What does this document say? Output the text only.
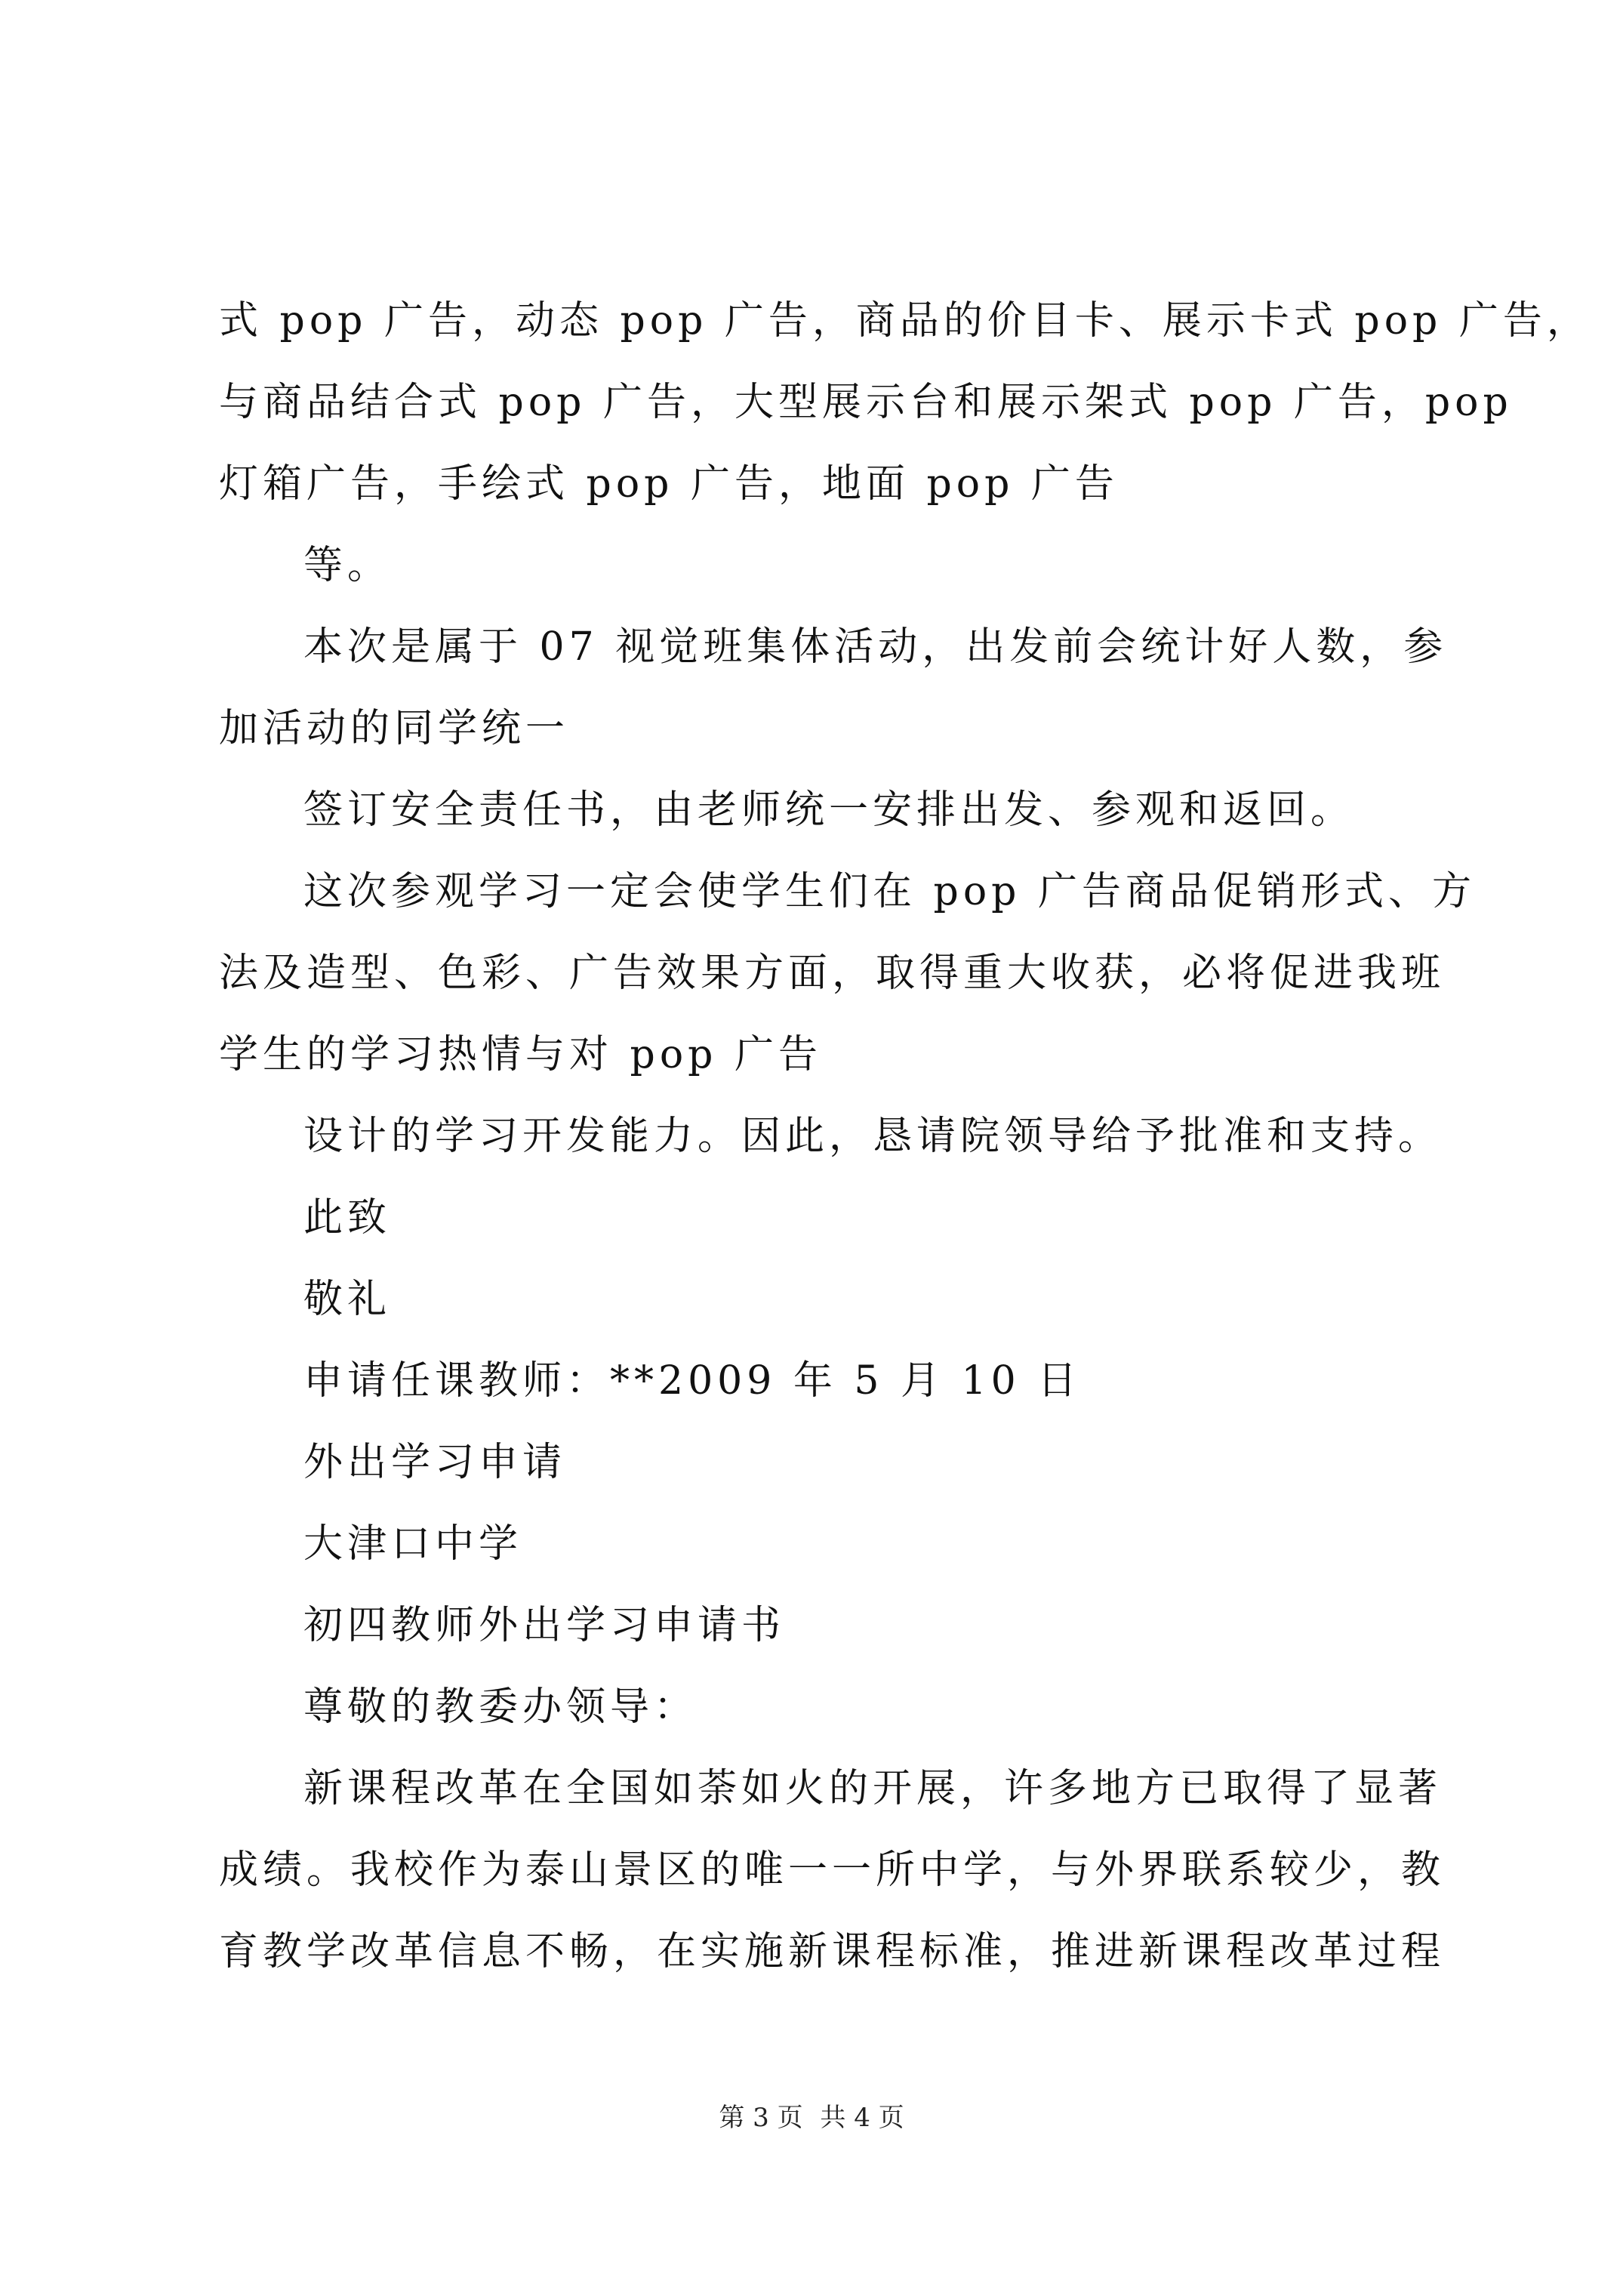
式 pop 广告，动态 pop 广告，商品的价目卡、展示卡式 pop 广告，
与商品结合式 pop 广告，大型展示台和展示架式 pop 广告，pop
灯箱广告，手绘式 pop 广告，地面 pop 广告
等。
本次是属于 07 视觉班集体活动，出发前会统计好人数，参
加活动的同学统一
签订安全责任书，由老师统一安排出发、参观和返回。
这次参观学习一定会使学生们在 pop 广告商品促销形式、方
法及造型、色彩、广告效果方面，取得重大收获，必将促进我班
学生的学习热情与对 pop 广告
设计的学习开发能力。因此，恳请院领导给予批准和支持。
此致
敬礼
申请任课教师：**2009 年 5 月 10 日
外出学习申请
大津口中学
初四教师外出学习申请书
尊敬的教委办领导：
新课程改革在全国如荼如火的开展，许多地方已取得了显著
成绩。我校作为泰山景区的唯一一所中学，与外界联系较少，教
育教学改革信息不畅，在实施新课程标准，推进新课程改革过程
第 3 页 共 4 页
